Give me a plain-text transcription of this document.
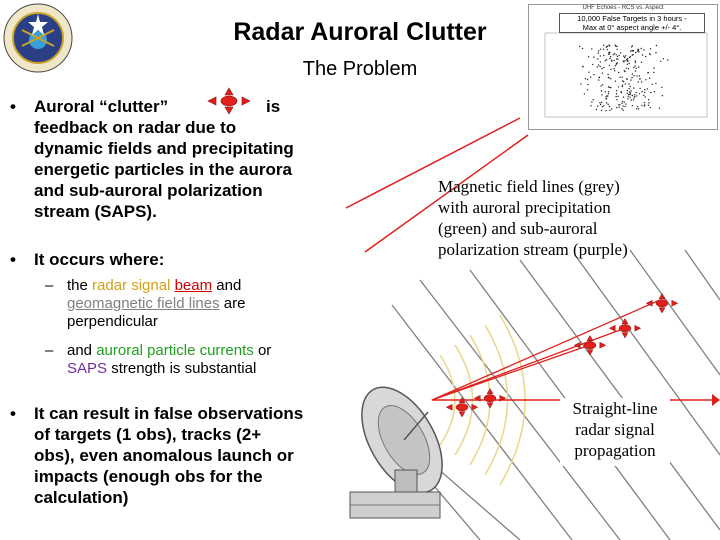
Radar Auroral Clutter
The Problem
• Auroral “clutter”	is
feedback on radar due to
dynamic fields and precipitating
energetic particles in the aurora
and sub-auroral polarization
stream (SAPS).
• It occurs where:
– the radar signal beam and
geomagnetic field lines are
perpendicular
– and auroral particle currents or
SAPS strength is substantial
• It can result in false observations
of targets (1 obs), tracks (2+
obs), even anomalous launch or
impacts (enough obs for the
calculation)
Magnetic field lines (grey)
with auroral precipitation
(green) and sub-auroral
polarization stream (purple)
Straight-line
radar signal
propagation
UHF Echoes - RCS vs. Aspect
10,000 False Targets in 3 hours -
Max at 0° aspect angle +/- 4°.
